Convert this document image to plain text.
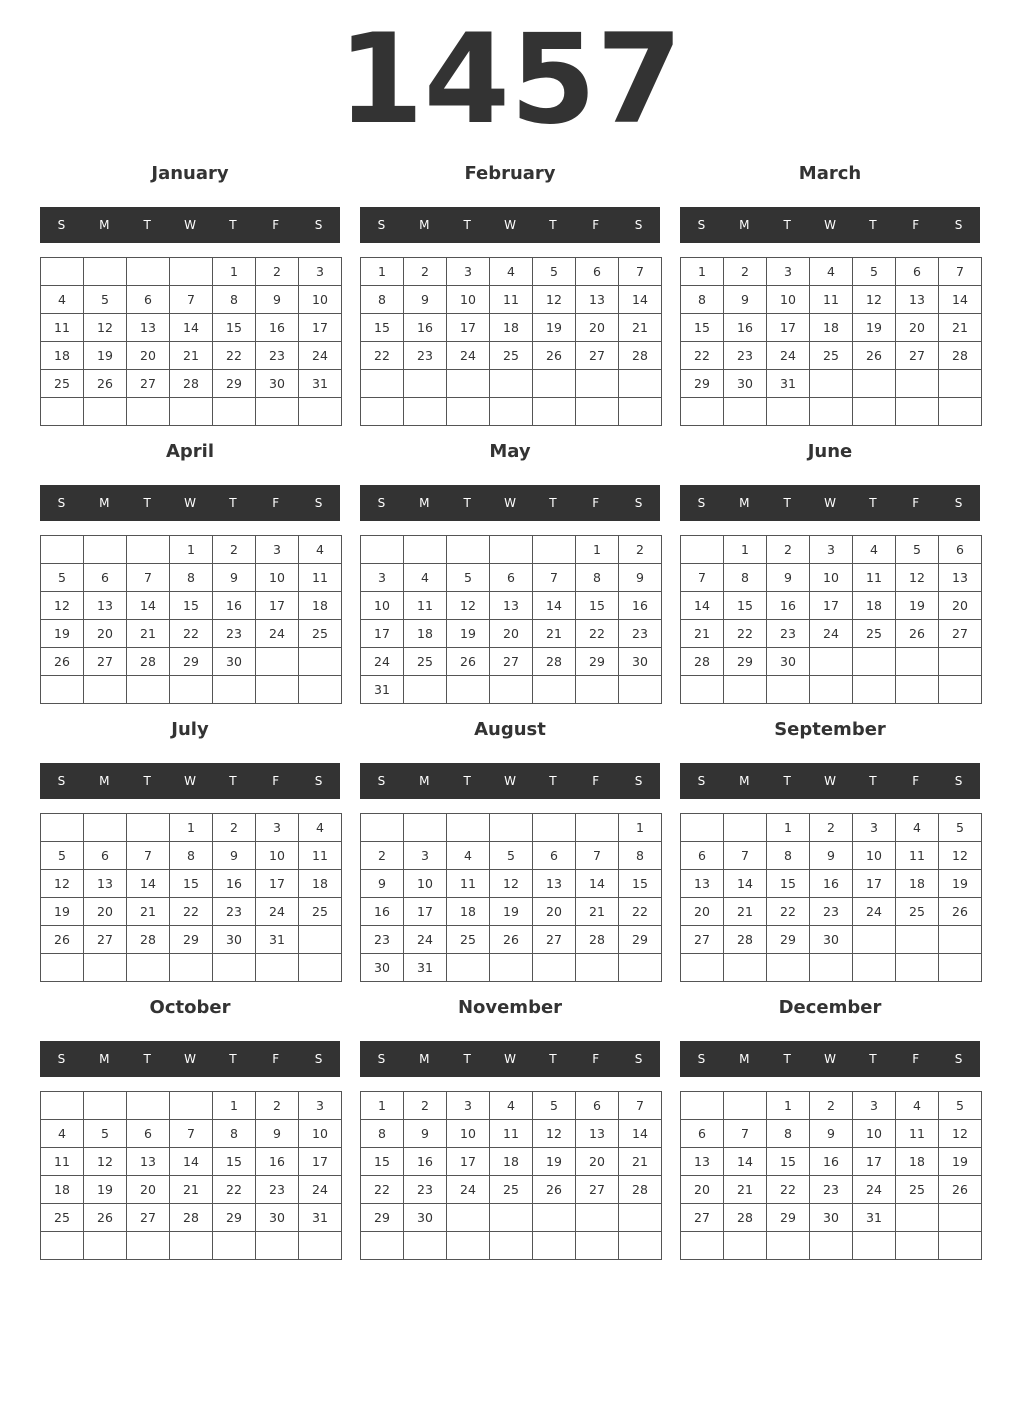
1457
January
S	M	T	W	T	F	S
				1	2	3
4	5	6	7	8	9	10
11	12	13	14	15	16	17
18	19	20	21	22	23	24
25	26	27	28	29	30	31

February
S	M	T	W	T	F	S
1	2	3	4	5	6	7
8	9	10	11	12	13	14
15	16	17	18	19	20	21
22	23	24	25	26	27	28

March
S	M	T	W	T	F	S
1	2	3	4	5	6	7
8	9	10	11	12	13	14
15	16	17	18	19	20	21
22	23	24	25	26	27	28
29	30	31				

April
S	M	T	W	T	F	S
			1	2	3	4
5	6	7	8	9	10	11
12	13	14	15	16	17	18
19	20	21	22	23	24	25
26	27	28	29	30		

May
S	M	T	W	T	F	S
					1	2
3	4	5	6	7	8	9
10	11	12	13	14	15	16
17	18	19	20	21	22	23
24	25	26	27	28	29	30
31						
June
S	M	T	W	T	F	S
	1	2	3	4	5	6
7	8	9	10	11	12	13
14	15	16	17	18	19	20
21	22	23	24	25	26	27
28	29	30				

July
S	M	T	W	T	F	S
			1	2	3	4
5	6	7	8	9	10	11
12	13	14	15	16	17	18
19	20	21	22	23	24	25
26	27	28	29	30	31	

August
S	M	T	W	T	F	S
						1
2	3	4	5	6	7	8
9	10	11	12	13	14	15
16	17	18	19	20	21	22
23	24	25	26	27	28	29
30	31					
September
S	M	T	W	T	F	S
		1	2	3	4	5
6	7	8	9	10	11	12
13	14	15	16	17	18	19
20	21	22	23	24	25	26
27	28	29	30			

October
S	M	T	W	T	F	S
				1	2	3
4	5	6	7	8	9	10
11	12	13	14	15	16	17
18	19	20	21	22	23	24
25	26	27	28	29	30	31

November
S	M	T	W	T	F	S
1	2	3	4	5	6	7
8	9	10	11	12	13	14
15	16	17	18	19	20	21
22	23	24	25	26	27	28
29	30					

December
S	M	T	W	T	F	S
		1	2	3	4	5
6	7	8	9	10	11	12
13	14	15	16	17	18	19
20	21	22	23	24	25	26
27	28	29	30	31		
